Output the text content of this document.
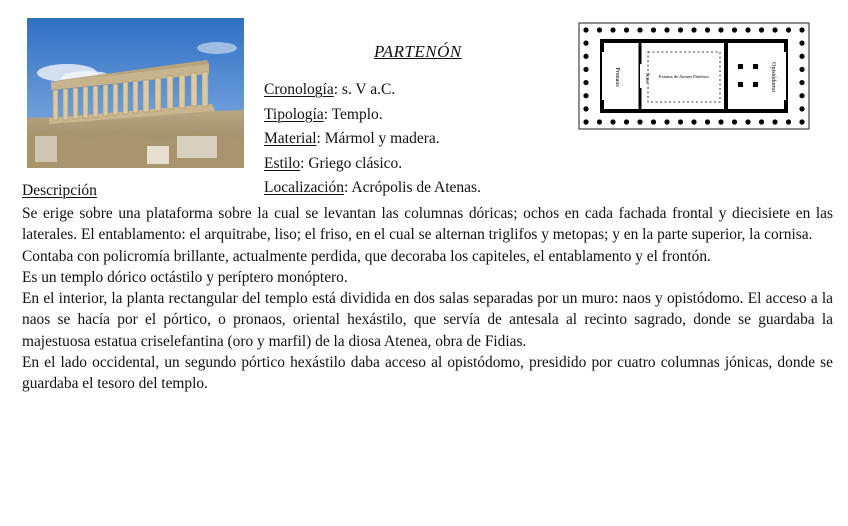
Pronaos	Naos Estatua de Atenea Pártenos	Opistódomo
PARTENÓN
Cronología: s. V a.C.
Tipología: Templo.
Material: Mármol y madera.
Estilo: Griego clásico.
Localización: Acrópolis de Atenas.
Descripción

Se erige sobre una plataforma sobre la cual se levantan las columnas dóricas; ochos en cada fachada frontal y diecisiete en las laterales. El entablamento: el arquitrabe, liso; el friso, en el cual se alternan triglifos y metopas; y en la parte superior, la cornisa.

Contaba con policromía brillante, actualmente perdida, que decoraba los capiteles, el entablamento y el frontón.

Es un templo dórico octástilo y períptero monóptero.

En el interior, la planta rectangular del templo está dividida en dos salas separadas por un muro: naos y opistódomo. El acceso a la naos se hacía por el pórtico, o pronaos, oriental hexástilo, que servía de antesala al recinto sagrado, donde se guardaba la majestuosa estatua criselefantina (oro y marfil) de la diosa Atenea, obra de Fidias.

En el lado occidental, un segundo pórtico hexástilo daba acceso al opistódomo, presidido por cuatro columnas jónicas, donde se guardaba el tesoro del templo.
